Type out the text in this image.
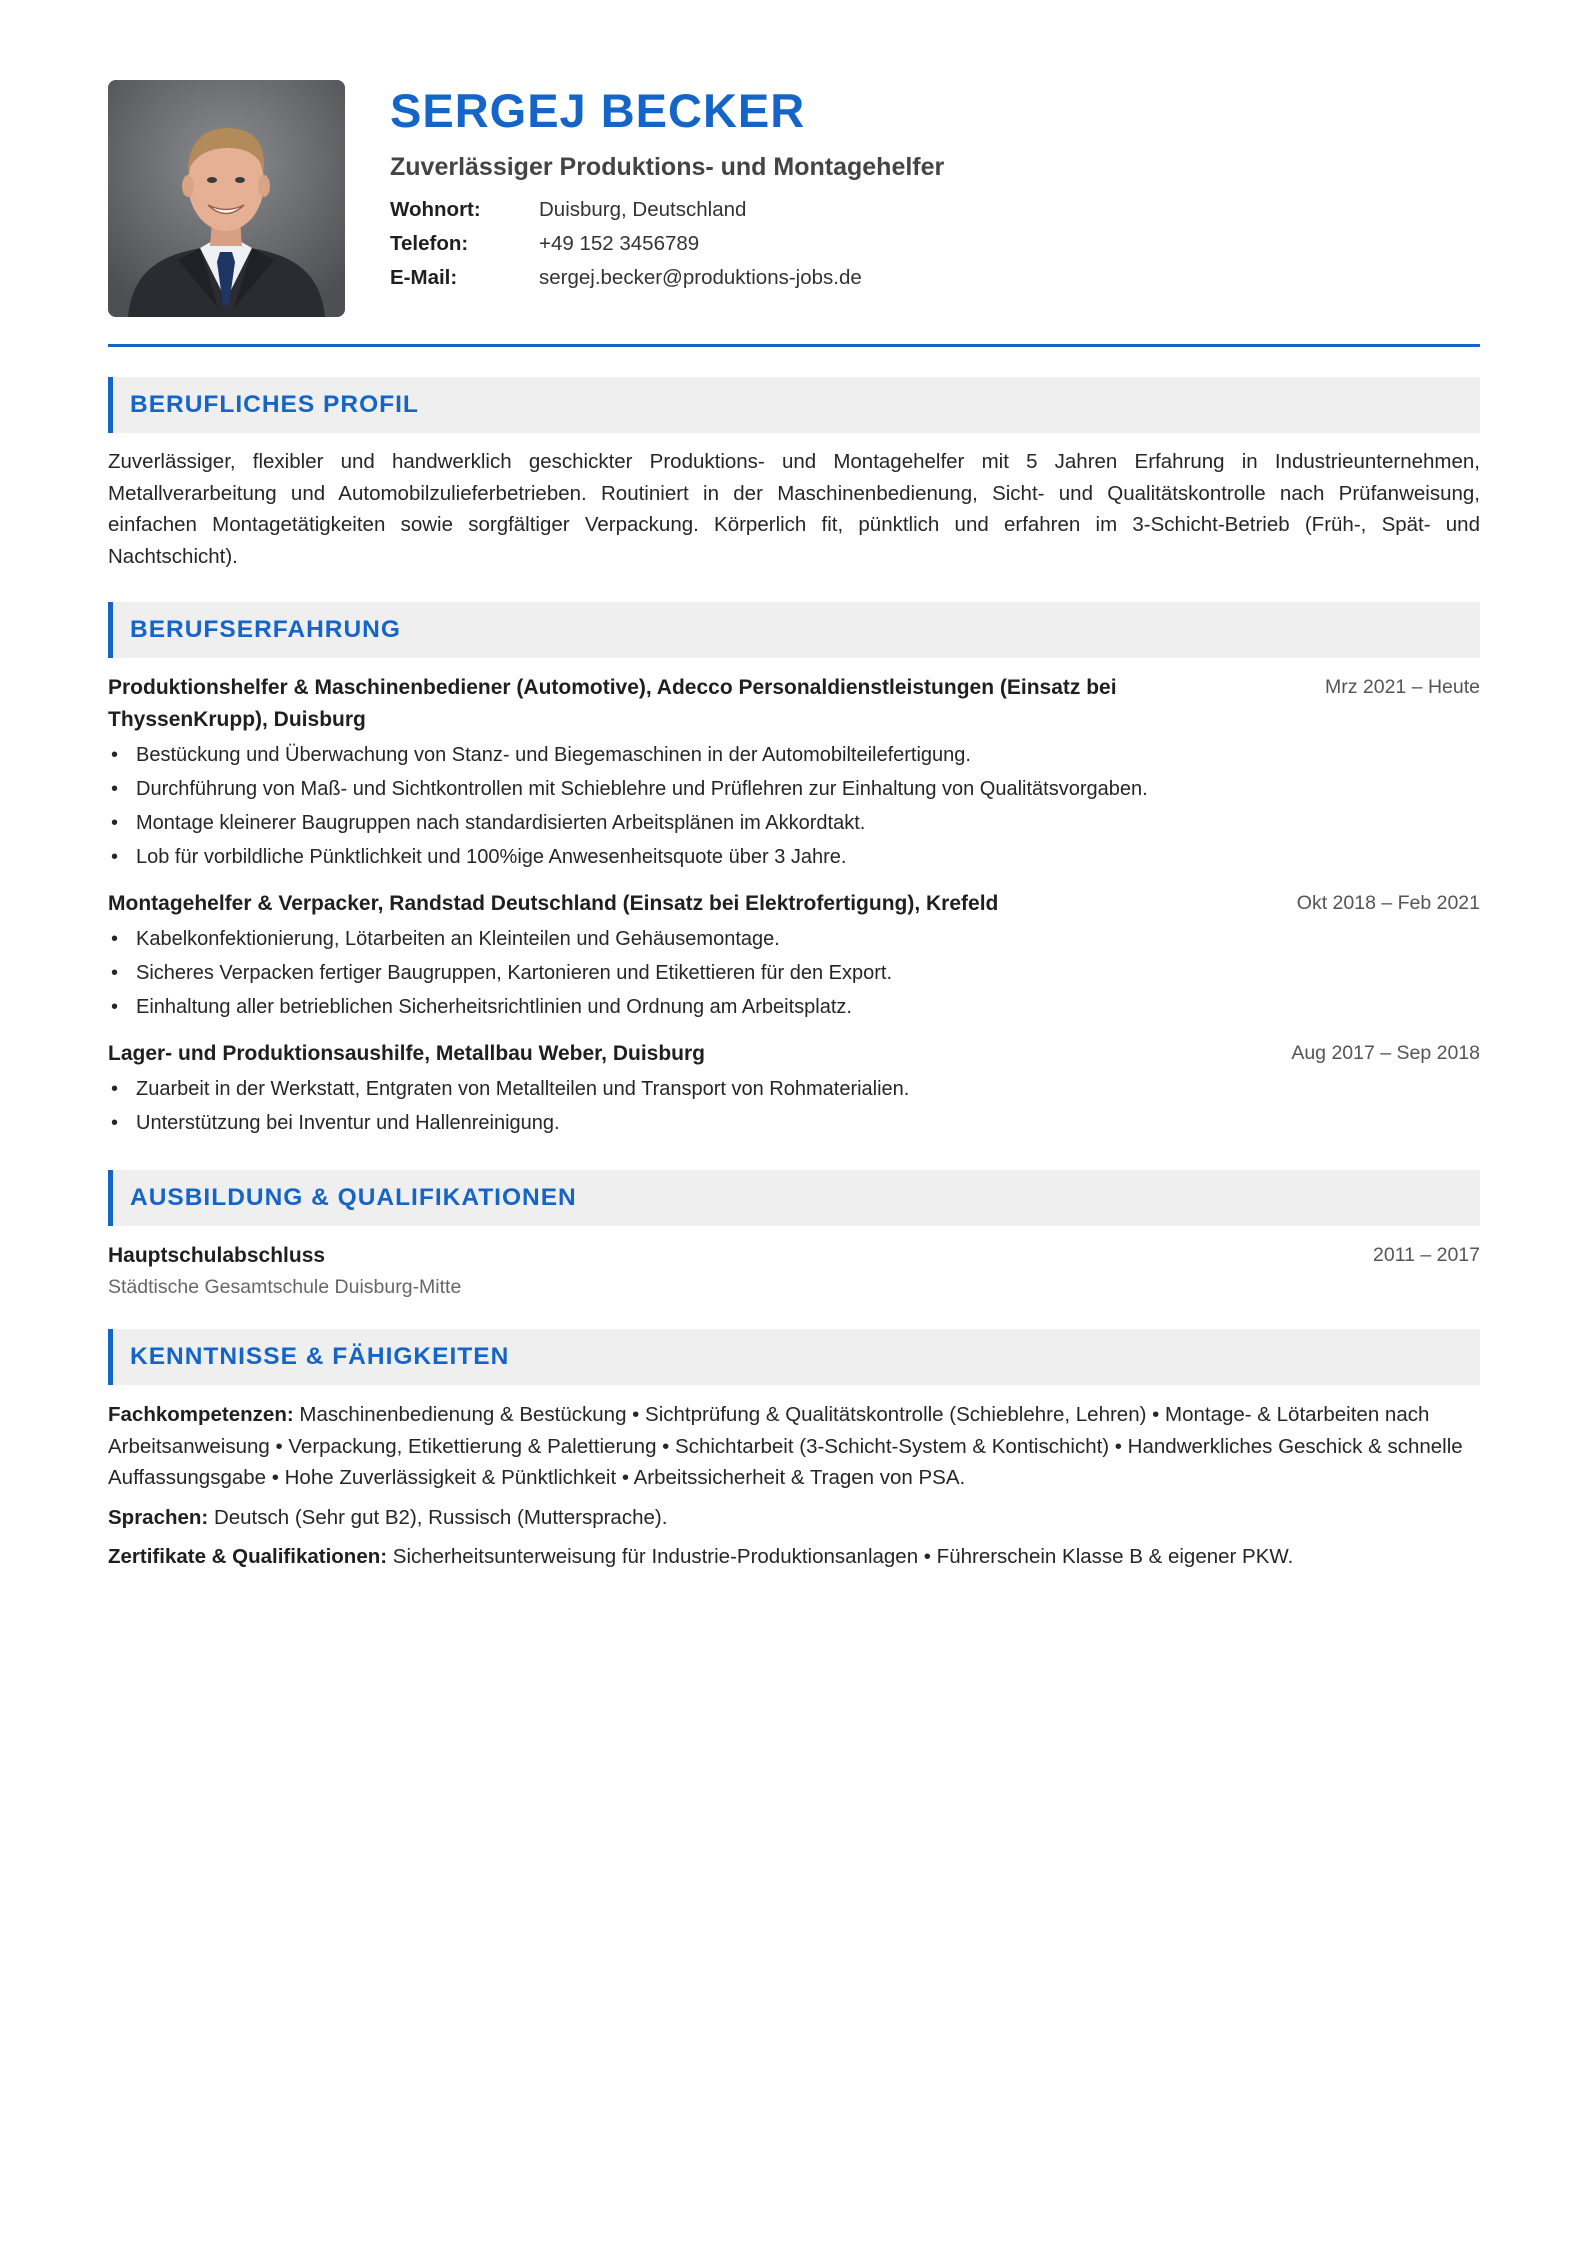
SERGEJ BECKER
Zuverlässiger Produktions- und Montagehelfer
Wohnort:	Duisburg, Deutschland
Telefon:	+49 152 3456789
E-Mail:	sergej.becker@produktions-jobs.de
BERUFLICHES PROFIL
Zuverlässiger, flexibler und handwerklich geschickter Produktions- und Montagehelfer mit 5 Jahren Erfahrung in Industrieunternehmen, Metallverarbeitung und Automobilzulieferbetrieben. Routiniert in der Maschinenbedienung, Sicht- und Qualitätskontrolle nach Prüfanweisung, einfachen Montagetätigkeiten sowie sorgfältiger Verpackung. Körperlich fit, pünktlich und erfahren im 3-Schicht-Betrieb (Früh-, Spät- und Nachtschicht).
BERUFSERFAHRUNG
Produktionshelfer & Maschinenbediener (Automotive), Adecco Personaldienstleistungen (Einsatz bei ThyssenKrupp), Duisburg
Mrz 2021 – Heute
• Bestückung und Überwachung von Stanz- und Biegemaschinen in der Automobilteilefertigung.
• Durchführung von Maß- und Sichtkontrollen mit Schieblehre und Prüflehren zur Einhaltung von Qualitätsvorgaben.
• Montage kleinerer Baugruppen nach standardisierten Arbeitsplänen im Akkordtakt.
• Lob für vorbildliche Pünktlichkeit und 100%ige Anwesenheitsquote über 3 Jahre.
Montagehelfer & Verpacker, Randstad Deutschland (Einsatz bei Elektrofertigung), Krefeld	Okt 2018 – Feb 2021
• Kabelkonfektionierung, Lötarbeiten an Kleinteilen und Gehäusemontage.
• Sicheres Verpacken fertiger Baugruppen, Kartonieren und Etikettieren für den Export.
• Einhaltung aller betrieblichen Sicherheitsrichtlinien und Ordnung am Arbeitsplatz.
Lager- und Produktionsaushilfe, Metallbau Weber, Duisburg	Aug 2017 – Sep 2018
• Zuarbeit in der Werkstatt, Entgraten von Metallteilen und Transport von Rohmaterialien.
• Unterstützung bei Inventur und Hallenreinigung.
AUSBILDUNG & QUALIFIKATIONEN
Hauptschulabschluss	2011 – 2017
Städtische Gesamtschule Duisburg-Mitte
KENNTNISSE & FÄHIGKEITEN

Fachkompetenzen: Maschinenbedienung & Bestückung • Sichtprüfung & Qualitätskontrolle (Schieblehre, Lehren) • Montage- & Lötarbeiten nach Arbeitsanweisung • Verpackung, Etikettierung & Palettierung • Schichtarbeit (3-Schicht-System & Kontischicht) • Handwerkliches Geschick & schnelle Auffassungsgabe • Hohe Zuverlässigkeit & Pünktlichkeit • Arbeitssicherheit & Tragen von PSA.

Sprachen: Deutsch (Sehr gut B2), Russisch (Muttersprache).

Zertifikate & Qualifikationen: Sicherheitsunterweisung für Industrie-Produktionsanlagen • Führerschein Klasse B & eigener PKW.
